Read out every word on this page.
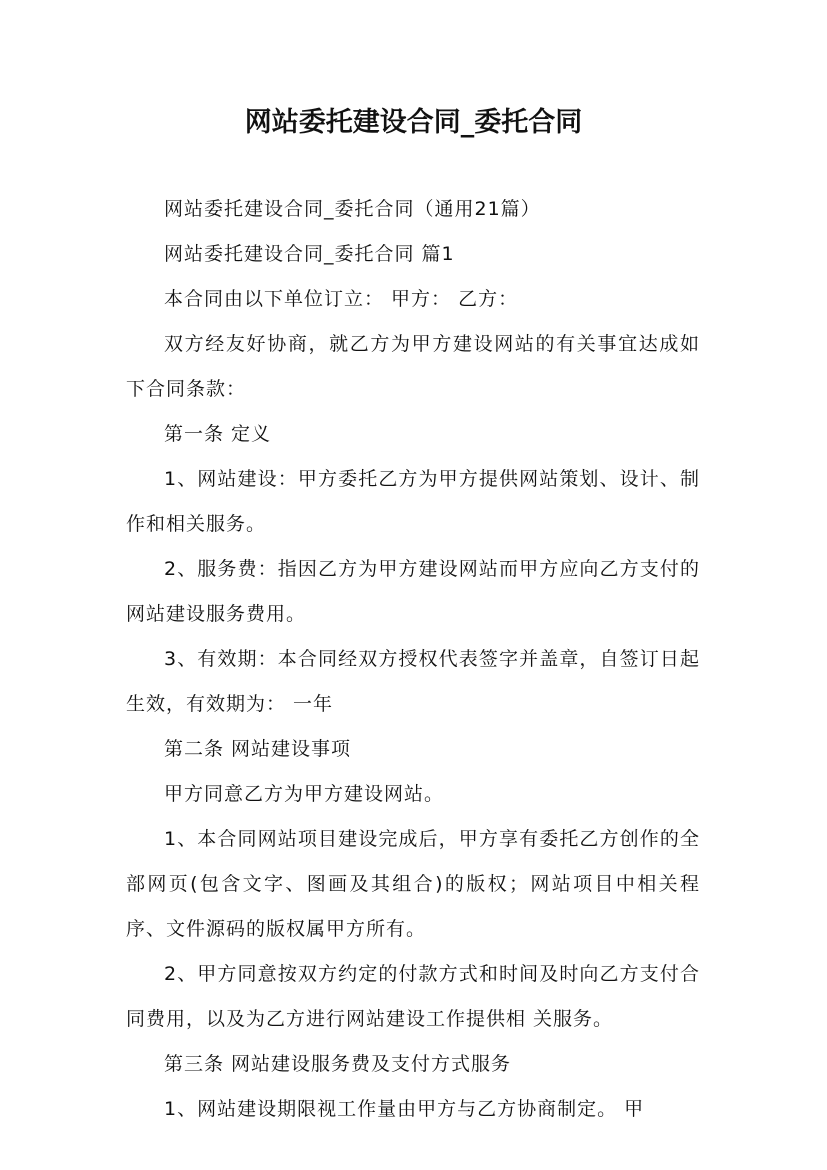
网站委托建设合同_委托合同

网站委托建设合同_委托合同（通用21篇）

网站委托建设合同_委托合同 篇1

本合同由以下单位订立： 甲方： 乙方：

双方经友好协商，就乙方为甲方建设网站的有关事宜达成如下合同条款：

第一条 定义

1、网站建设：甲方委托乙方为甲方提供网站策划、设计、制作和相关服务。

2、服务费：指因乙方为甲方建设网站而甲方应向乙方支付的网站建设服务费用。

3、有效期：本合同经双方授权代表签字并盖章，自签订日起生效，有效期为： 一年

第二条 网站建设事项

甲方同意乙方为甲方建设网站。

1、本合同网站项目建设完成后，甲方享有委托乙方创作的全部网页(包含文字、图画及其组合)的版权；网站项目中相关程序、文件源码的版权属甲方所有。

2、甲方同意按双方约定的付款方式和时间及时向乙方支付合同费用，以及为乙方进行网站建设工作提供相 关服务。

第三条 网站建设服务费及支付方式服务

1、网站建设期限视工作量由甲方与乙方协商制定。 甲
